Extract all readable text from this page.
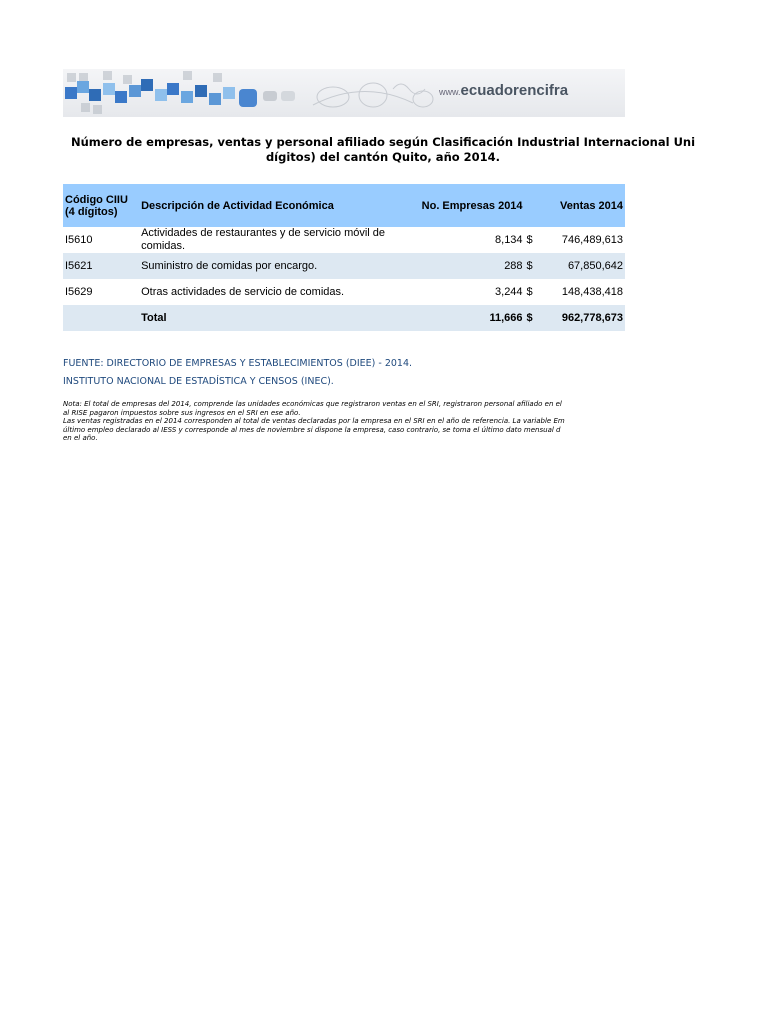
www.ecuadorencifra
Número de empresas, ventas y personal afiliado según Clasificación Industrial Internacional Uni
dígitos) del cantón Quito, año 2014.
Código CIIU (4 dígitos)	Descripción de Actividad Económica	No. Empresas 2014	Ventas 2014	
I5610	Actividades de restaurantes y de servicio móvil de comidas.	8,134	$	746,489,613
I5621	Suministro de comidas por encargo.	288	$	67,850,642
I5629	Otras actividades de servicio de comidas.	3,244	$	148,438,418
	Total	11,666	$	962,778,673
FUENTE: DIRECTORIO DE EMPRESAS Y ESTABLECIMIENTOS (DIEE) - 2014.
INSTITUTO NACIONAL DE ESTADÍSTICA Y CENSOS (INEC).
Nota: El total de empresas del 2014, comprende las unidades económicas que registraron ventas en el SRI, registraron personal afiliado en el
al RISE pagaron impuestos sobre sus ingresos en el SRI en ese año.
Las ventas registradas en el 2014 corresponden al total de ventas declaradas por la empresa en el SRI en el año de referencia. La variable Em
último empleo declarado al IESS y corresponde al mes de noviembre si dispone la empresa, caso contrario, se toma el último dato mensual d
en el año.
